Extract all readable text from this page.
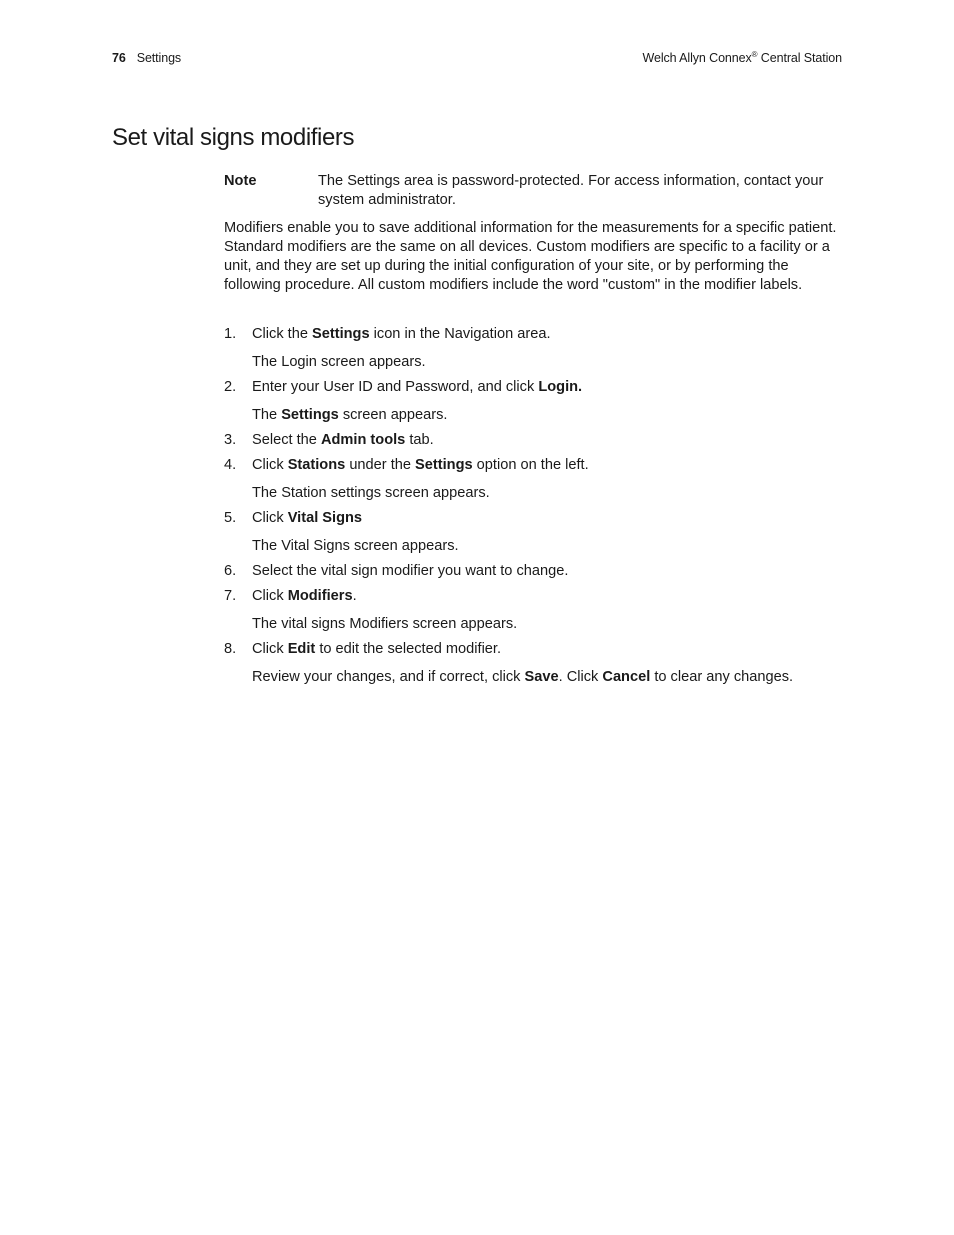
76 Settings	Welch Allyn Connex® Central Station
Set vital signs modifiers
Note	The Settings area is password-protected. For access information, contact your system administrator.
Modifiers enable you to save additional information for the measurements for a specific patient. Standard modifiers are the same on all devices. Custom modifiers are specific to a facility or a unit, and they are set up during the initial configuration of your site, or by performing the following procedure. All custom modifiers include the word "custom" in the modifier labels.
1. Click the Settings icon in the Navigation area.
The Login screen appears.
2. Enter your User ID and Password, and click Login.
The Settings screen appears.
3. Select the Admin tools tab.
4. Click Stations under the Settings option on the left.
The Station settings screen appears.
5. Click Vital Signs
The Vital Signs screen appears.
6. Select the vital sign modifier you want to change.
7. Click Modifiers.
The vital signs Modifiers screen appears.
8. Click Edit to edit the selected modifier.
Review your changes, and if correct, click Save. Click Cancel to clear any changes.
